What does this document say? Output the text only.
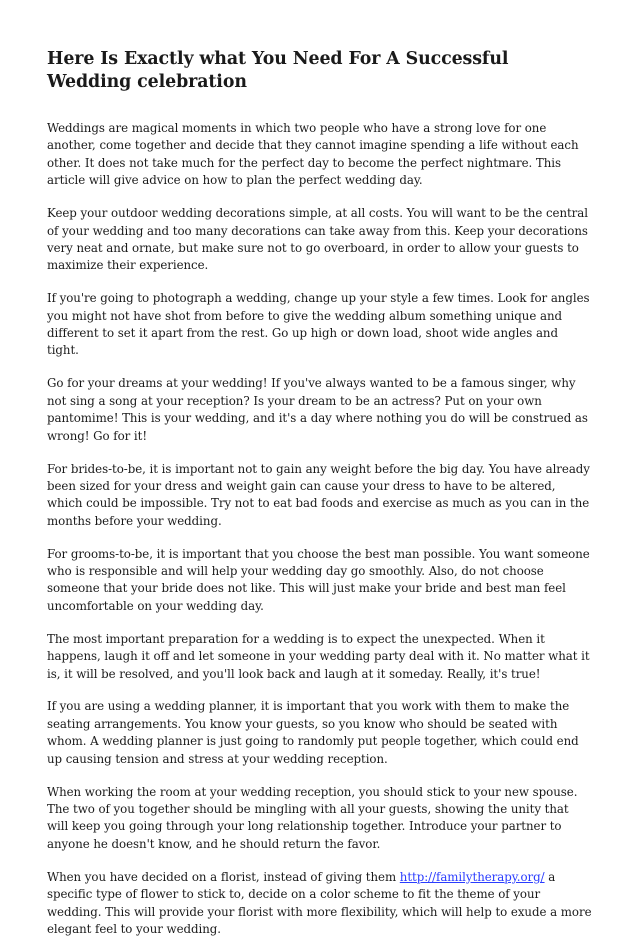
Here Is Exactly what You Need For A Successful Wedding celebration

Weddings are magical moments in which two people who have a strong love for one another, come together and decide that they cannot imagine spending a life without each other. It does not take much for the perfect day to become the perfect nightmare. This article will give advice on how to plan the perfect wedding day.

Keep your outdoor wedding decorations simple, at all costs. You will want to be the central of your wedding and too many decorations can take away from this. Keep your decorations very neat and ornate, but make sure not to go overboard, in order to allow your guests to maximize their experience.

If you're going to photograph a wedding, change up your style a few times. Look for angles you might not have shot from before to give the wedding album something unique and different to set it apart from the rest. Go up high or down load, shoot wide angles and tight.

Go for your dreams at your wedding! If you've always wanted to be a famous singer, why not sing a song at your reception? Is your dream to be an actress? Put on your own pantomime! This is your wedding, and it's a day where nothing you do will be construed as wrong! Go for it!

For brides-to-be, it is important not to gain any weight before the big day. You have already been sized for your dress and weight gain can cause your dress to have to be altered, which could be impossible. Try not to eat bad foods and exercise as much as you can in the months before your wedding.

For grooms-to-be, it is important that you choose the best man possible. You want someone who is responsible and will help your wedding day go smoothly. Also, do not choose someone that your bride does not like. This will just make your bride and best man feel uncomfortable on your wedding day.

The most important preparation for a wedding is to expect the unexpected. When it happens, laugh it off and let someone in your wedding party deal with it. No matter what it is, it will be resolved, and you'll look back and laugh at it someday. Really, it's true!

If you are using a wedding planner, it is important that you work with them to make the seating arrangements. You know your guests, so you know who should be seated with whom. A wedding planner is just going to randomly put people together, which could end up causing tension and stress at your wedding reception.

When working the room at your wedding reception, you should stick to your new spouse. The two of you together should be mingling with all your guests, showing the unity that will keep you going through your long relationship together. Introduce your partner to anyone he doesn't know, and he should return the favor.

When you have decided on a florist, instead of giving them http://familytherapy.org/ a specific type of flower to stick to, decide on a color scheme to fit the theme of your wedding. This will provide your florist with more flexibility, which will help to exude a more elegant feel to your wedding.
